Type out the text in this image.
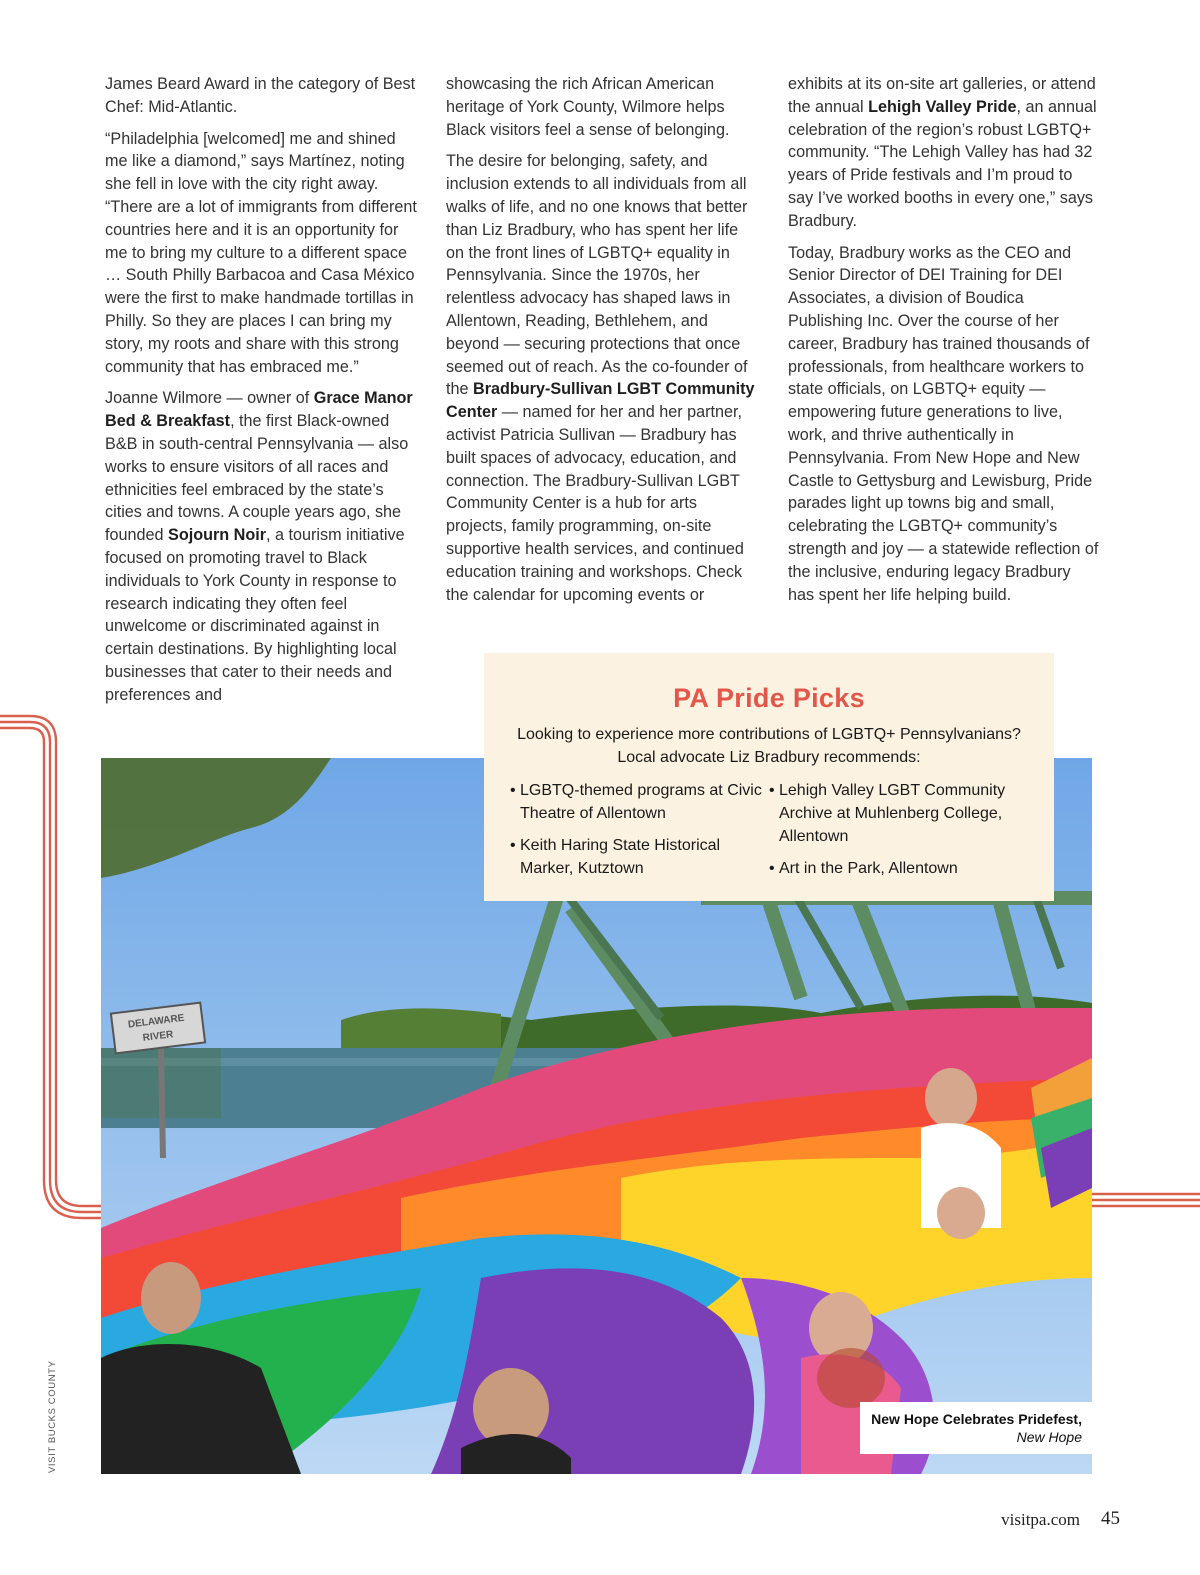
James Beard Award in the category of Best Chef: Mid-Atlantic.

“Philadelphia [welcomed] me and shined me like a diamond,” says Martínez, noting she fell in love with the city right away. “There are a lot of immigrants from different countries here and it is an opportunity for me to bring my culture to a different space … South Philly Barbacoa and Casa México were the first to make handmade tortillas in Philly. So they are places I can bring my story, my roots and share with this strong community that has embraced me.”

Joanne Wilmore — owner of Grace Manor Bed & Breakfast, the first Black-owned B&B in south-central Pennsylvania — also works to ensure visitors of all races and ethnicities feel embraced by the state’s cities and towns. A couple years ago, she founded Sojourn Noir, a tourism initiative focused on promoting travel to Black individuals to York County in response to research indicating they often feel unwelcome or discriminated against in certain destinations. By highlighting local businesses that cater to their needs and preferences and

showcasing the rich African American heritage of York County, Wilmore helps Black visitors feel a sense of belonging.

The desire for belonging, safety, and inclusion extends to all individuals from all walks of life, and no one knows that better than Liz Bradbury, who has spent her life on the front lines of LGBTQ+ equality in Pennsylvania. Since the 1970s, her relentless advocacy has shaped laws in Allentown, Reading, Bethlehem, and beyond — securing protections that once seemed out of reach. As the co-founder of the Bradbury-Sullivan LGBT Community Center — named for her and her partner, activist Patricia Sullivan — Bradbury has built spaces of advocacy, education, and connection. The Bradbury-Sullivan LGBT Community Center is a hub for arts projects, family programming, on-site supportive health services, and continued education training and workshops. Check the calendar for upcoming events or

exhibits at its on-site art galleries, or attend the annual Lehigh Valley Pride, an annual celebration of the region’s robust LGBTQ+ community. “The Lehigh Valley has had 32 years of Pride festivals and I’m proud to say I’ve worked booths in every one,” says Bradbury.

Today, Bradbury works as the CEO and Senior Director of DEI Training for DEI Associates, a division of Boudica Publishing Inc. Over the course of her career, Bradbury has trained thousands of professionals, from healthcare workers to state officials, on LGBTQ+ equity — empowering future generations to live, work, and thrive authentically in Pennsylvania. From New Hope and New Castle to Gettysburg and Lewisburg, Pride parades light up towns big and small, celebrating the LGBTQ+ community’s strength and joy — a statewide reflection of the inclusive, enduring legacy Bradbury has spent her life helping build.

DELAWARE
RIVER
New Hope Celebrates Pridefest,
New Hope
PA Pride Picks

Looking to experience more contributions of LGBTQ+ Pennsylvanians?
Local advocate Liz Bradbury recommends:

• LGBTQ-themed programs at Civic Theatre of Allentown
• Keith Haring State Historical Marker, Kutztown
• Lehigh Valley LGBT Community Archive at Muhlenberg College, Allentown
• Art in the Park, Allentown
VISIT BUCKS COUNTY
visitpa.com 45
